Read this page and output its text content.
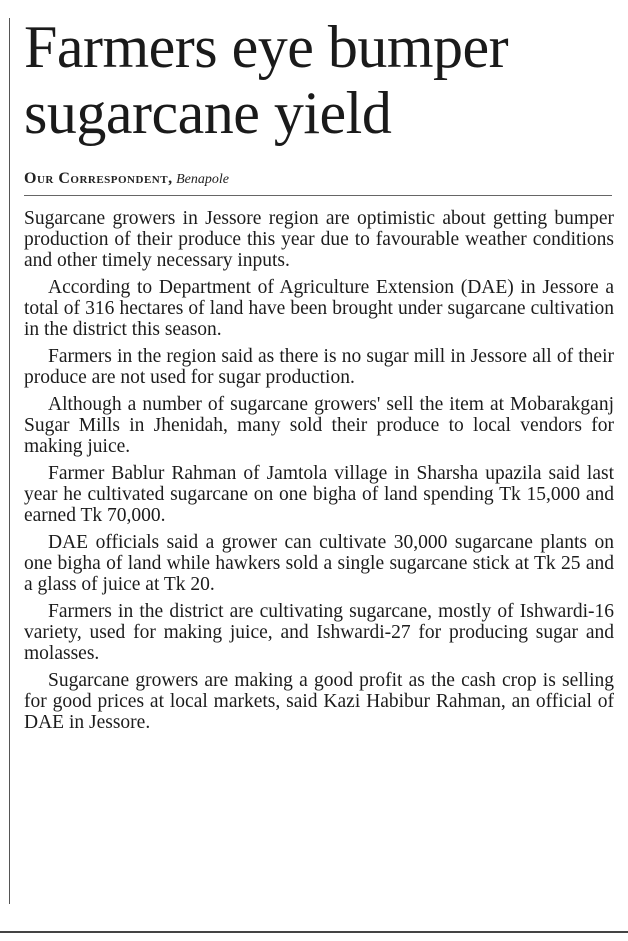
Farmers eye bumper sugarcane yield
Our Correspondent, Benapole

Sugarcane growers in Jessore region are optimistic about getting bumper production of their produce this year due to favourable weather conditions and other timely necessary inputs.

According to Department of Agriculture Extension (DAE) in Jessore a total of 316 hectares of land have been brought under sugarcane cultivation in the district this season.

Farmers in the region said as there is no sugar mill in Jessore all of their produce are not used for sugar production.

Although a number of sugarcane growers' sell the item at Mobarakganj Sugar Mills in Jhenidah, many sold their produce to local vendors for making juice.

Farmer Bablur Rahman of Jamtola village in Sharsha upazila said last year he cultivated sugarcane on one bigha of land spending Tk 15,000 and earned Tk 70,000.

DAE officials said a grower can cultivate 30,000 sugarcane plants on one bigha of land while hawkers sold a single sugarcane stick at Tk 25 and a glass of juice at Tk 20.

Farmers in the district are cultivating sugarcane, mostly of Ishwardi-16 variety, used for making juice, and Ishwardi-27 for producing sugar and molasses.

Sugarcane growers are making a good profit as the cash crop is selling for good prices at local markets, said Kazi Habibur Rahman, an official of DAE in Jessore.
